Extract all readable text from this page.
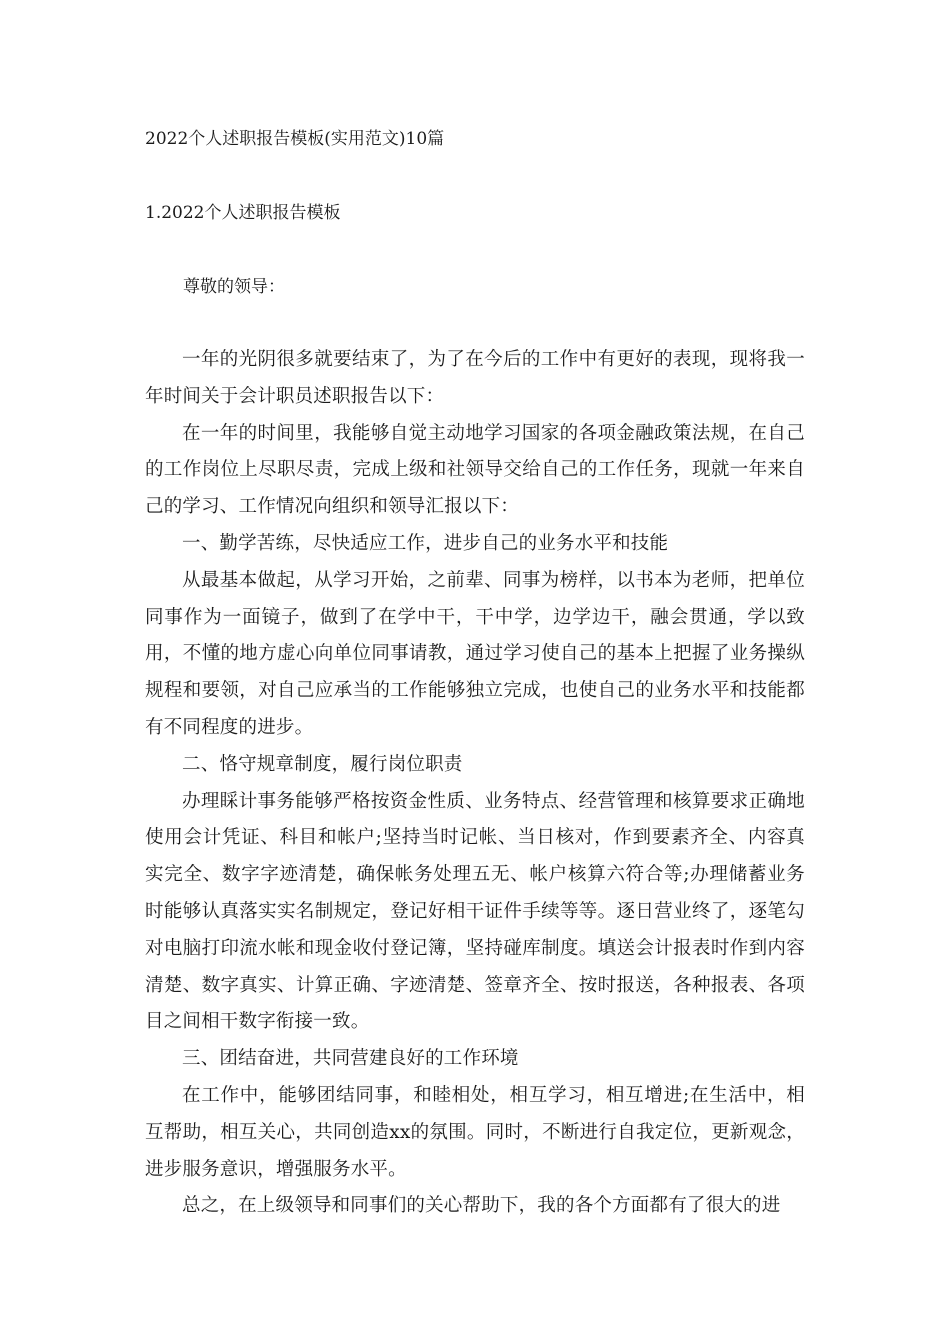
2022个人述职报告模板(实用范文)10篇
1.2022个人述职报告模板

尊敬的领导：

一年的光阴很多就要结束了，为了在今后的工作中有更好的表现，现将我一年时间关于会计职员述职报告以下：

在一年的时间里，我能够自觉主动地学习国家的各项金融政策法规，在自己的工作岗位上尽职尽责，完成上级和社领导交给自己的工作任务，现就一年来自己的学习、工作情况向组织和领导汇报以下：

一、勤学苦练，尽快适应工作，进步自己的业务水平和技能

从最基本做起，从学习开始，之前辈、同事为榜样，以书本为老师，把单位同事作为一面镜子，做到了在学中干，干中学，边学边干，融会贯通，学以致用，不懂的地方虚心向单位同事请教，通过学习使自己的基本上把握了业务操纵规程和要领，对自己应承当的工作能够独立完成，也使自己的业务水平和技能都有不同程度的进步。

二、恪守规章制度，履行岗位职责

办理睬计事务能够严格按资金性质、业务特点、经营管理和核算要求正确地使用会计凭证、科目和帐户;坚持当时记帐、当日核对，作到要素齐全、内容真实完全、数字字迹清楚，确保帐务处理五无、帐户核算六符合等;办理储蓄业务时能够认真落实实名制规定，登记好相干证件手续等等。逐日营业终了，逐笔勾对电脑打印流水帐和现金收付登记簿，坚持碰库制度。填送会计报表时作到内容清楚、数字真实、计算正确、字迹清楚、签章齐全、按时报送，各种报表、各项目之间相干数字衔接一致。

三、团结奋进，共同营建良好的工作环境

在工作中，能够团结同事，和睦相处，相互学习，相互增进;在生活中，相互帮助，相互关心，共同创造xx的氛围。同时，不断进行自我定位，更新观念，进步服务意识，增强服务水平。

总之，在上级领导和同事们的关心帮助下，我的各个方面都有了很大的进
